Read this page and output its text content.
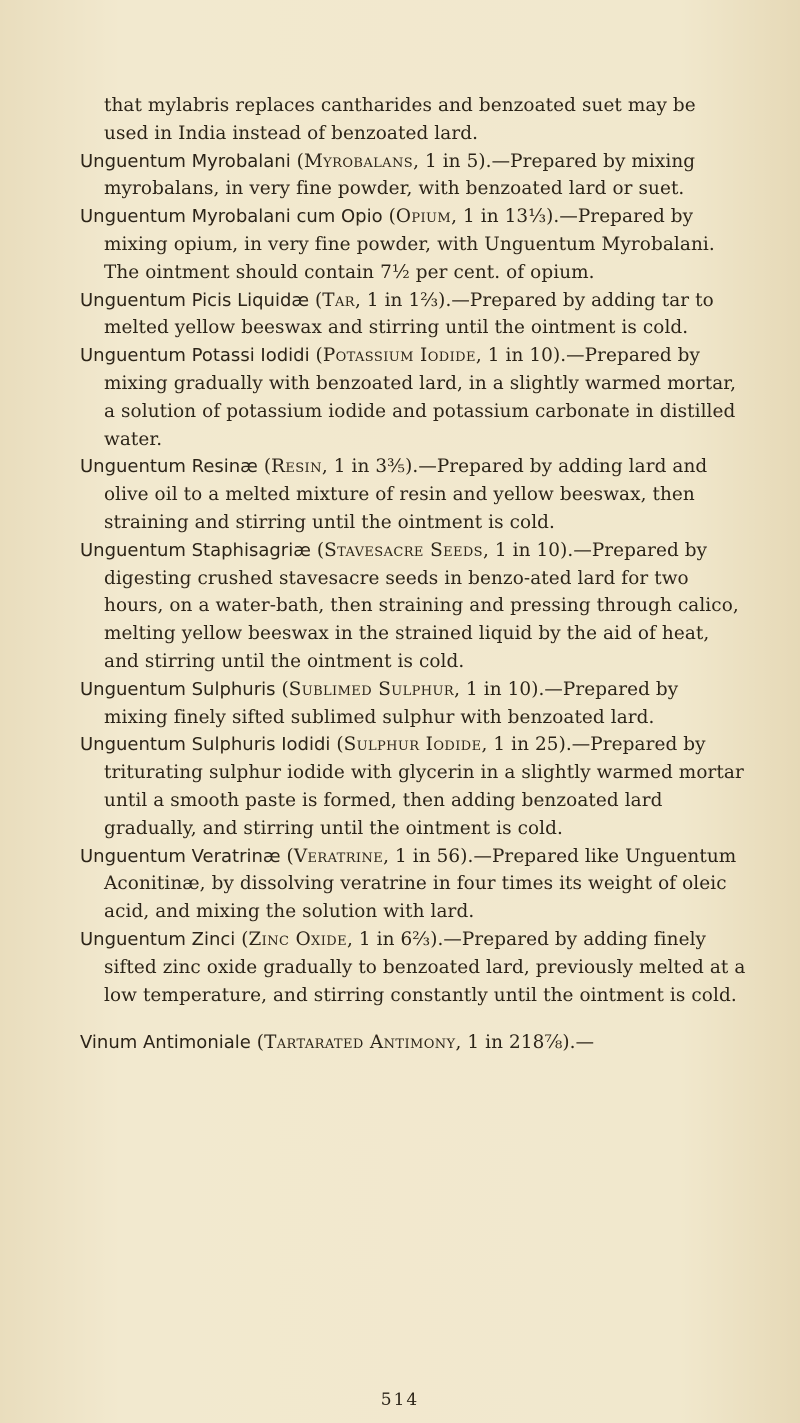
that mylabris replaces cantharides and benzoated suet may be used in India instead of benzoated lard.

Unguentum Myrobalani (Myrobalans, 1 in 5).—Prepared by mixing myrobalans, in very fine powder, with benzoated lard or suet.

Unguentum Myrobalani cum Opio (Opium, 1 in 13⅓).—Prepared by mixing opium, in very fine powder, with Unguentum Myrobalani. The ointment should contain 7½ per cent. of opium.

Unguentum Picis Liquidæ (Tar, 1 in 1⅔).—Prepared by adding tar to melted yellow beeswax and stirring until the ointment is cold.

Unguentum Potassi Iodidi (Potassium Iodide, 1 in 10).—Prepared by mixing gradually with benzoated lard, in a slightly warmed mortar, a solution of potassium iodide and potassium carbonate in distilled water.

Unguentum Resinæ (Resin, 1 in 3⅗).—Prepared by adding lard and olive oil to a melted mixture of resin and yellow beeswax, then straining and stirring until the ointment is cold.

Unguentum Staphisagriæ (Stavesacre Seeds, 1 in 10).—Prepared by digesting crushed stavesacre seeds in benzo-ated lard for two hours, on a water-bath, then straining and pressing through calico, melting yellow beeswax in the strained liquid by the aid of heat, and stirring until the ointment is cold.

Unguentum Sulphuris (Sublimed Sulphur, 1 in 10).—Prepared by mixing finely sifted sublimed sulphur with benzoated lard.

Unguentum Sulphuris Iodidi (Sulphur Iodide, 1 in 25).—Prepared by triturating sulphur iodide with glycerin in a slightly warmed mortar until a smooth paste is formed, then adding benzoated lard gradually, and stirring until the ointment is cold.

Unguentum Veratrinæ (Veratrine, 1 in 56).—Prepared like Unguentum Aconitinæ, by dissolving veratrine in four times its weight of oleic acid, and mixing the solution with lard.

Unguentum Zinci (Zinc Oxide, 1 in 6⅔).—Prepared by adding finely sifted zinc oxide gradually to benzoated lard, previously melted at a low temperature, and stirring constantly until the ointment is cold.

Vinum Antimoniale (Tartarated Antimony, 1 in 218⅞).—

514
